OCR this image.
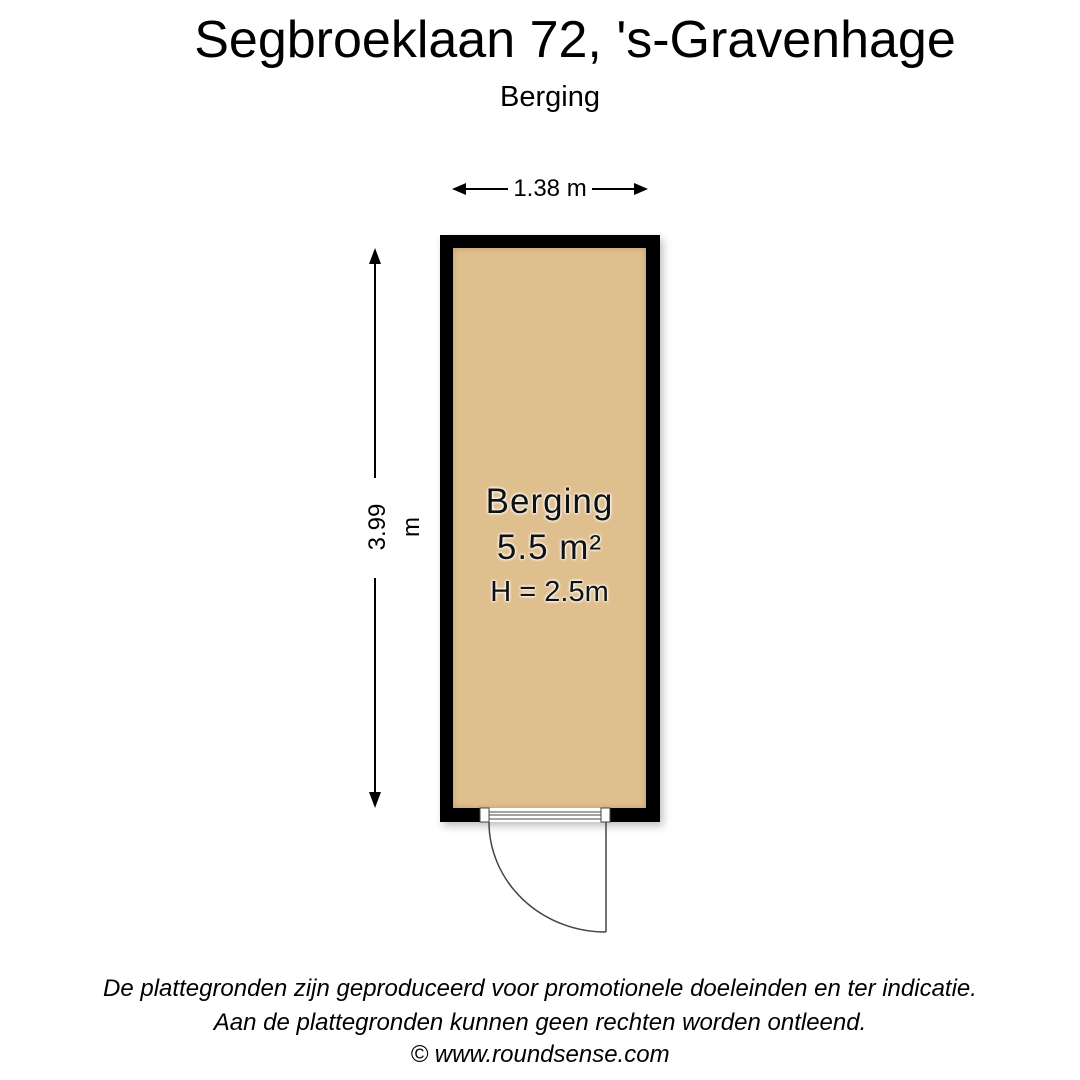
Segbroeklaan 72, 's-Gravenhage
Berging
1.38 m
3.99 m
Berging
5.5 m²
H = 2.5m
De plattegronden zijn geproduceerd voor promotionele doeleinden en ter indicatie.
Aan de plattegronden kunnen geen rechten worden ontleend.
© www.roundsense.com
